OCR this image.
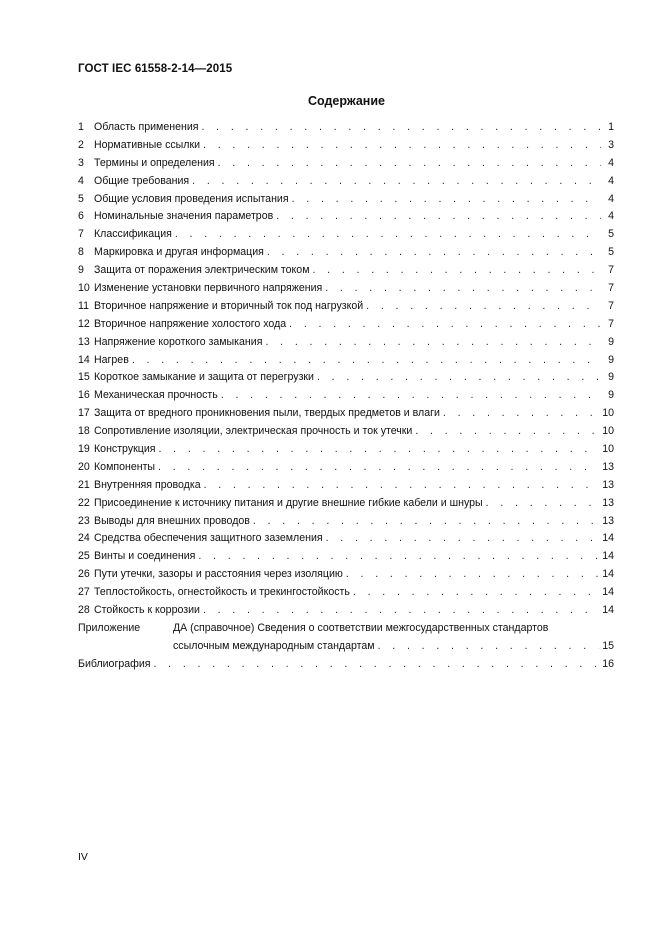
ГОСТ IEC 61558-2-14—2015
Содержание
1 Область применения . . .	1
2 Нормативные ссылки . . .	3
3 Термины и определения . . .	4
4 Общие требования . . .	4
5 Общие условия проведения испытания . . .	4
6 Номинальные значения параметров . . .	4
7 Классификация . . .	5
8 Маркировка и другая информация . . .	5
9 Защита от поражения электрическим током . . .	7
10 Изменение установки первичного напряжения . . .	7
11 Вторичное напряжение и вторичный ток под нагрузкой . . .	7
12 Вторичное напряжение холостого хода . . .	7
13 Напряжение короткого замыкания . . .	9
14 Нагрев . . .	9
15 Короткое замыкание и защита от перегрузки . . .	9
16 Механическая прочность . . .	9
17 Защита от вредного проникновения пыли, твердых предметов и влаги . . .	10
18 Сопротивление изоляции, электрическая прочность и ток утечки . . .	10
19 Конструкция . . .	10
20 Компоненты . . .	13
21 Внутренняя проводка . . .	13
22 Присоединение к источнику питания и другие внешние гибкие кабели и шнуры . . .	13
23 Выводы для внешних проводов . . .	13
24 Средства обеспечения защитного заземления . . .	14
25 Винты и соединения . . .	14
26 Пути утечки, зазоры и расстояния через изоляцию . . .	14
27 Теплостойкость, огнестойкость и трекингостойкость . . .	14
28 Стойкость к коррозии . . .	14
Приложение	ДА (справочное) Сведения о соответствии межгосударственных стандартов
ссылочным международным стандартам . . .	15
Библиография . . .	16
IV
